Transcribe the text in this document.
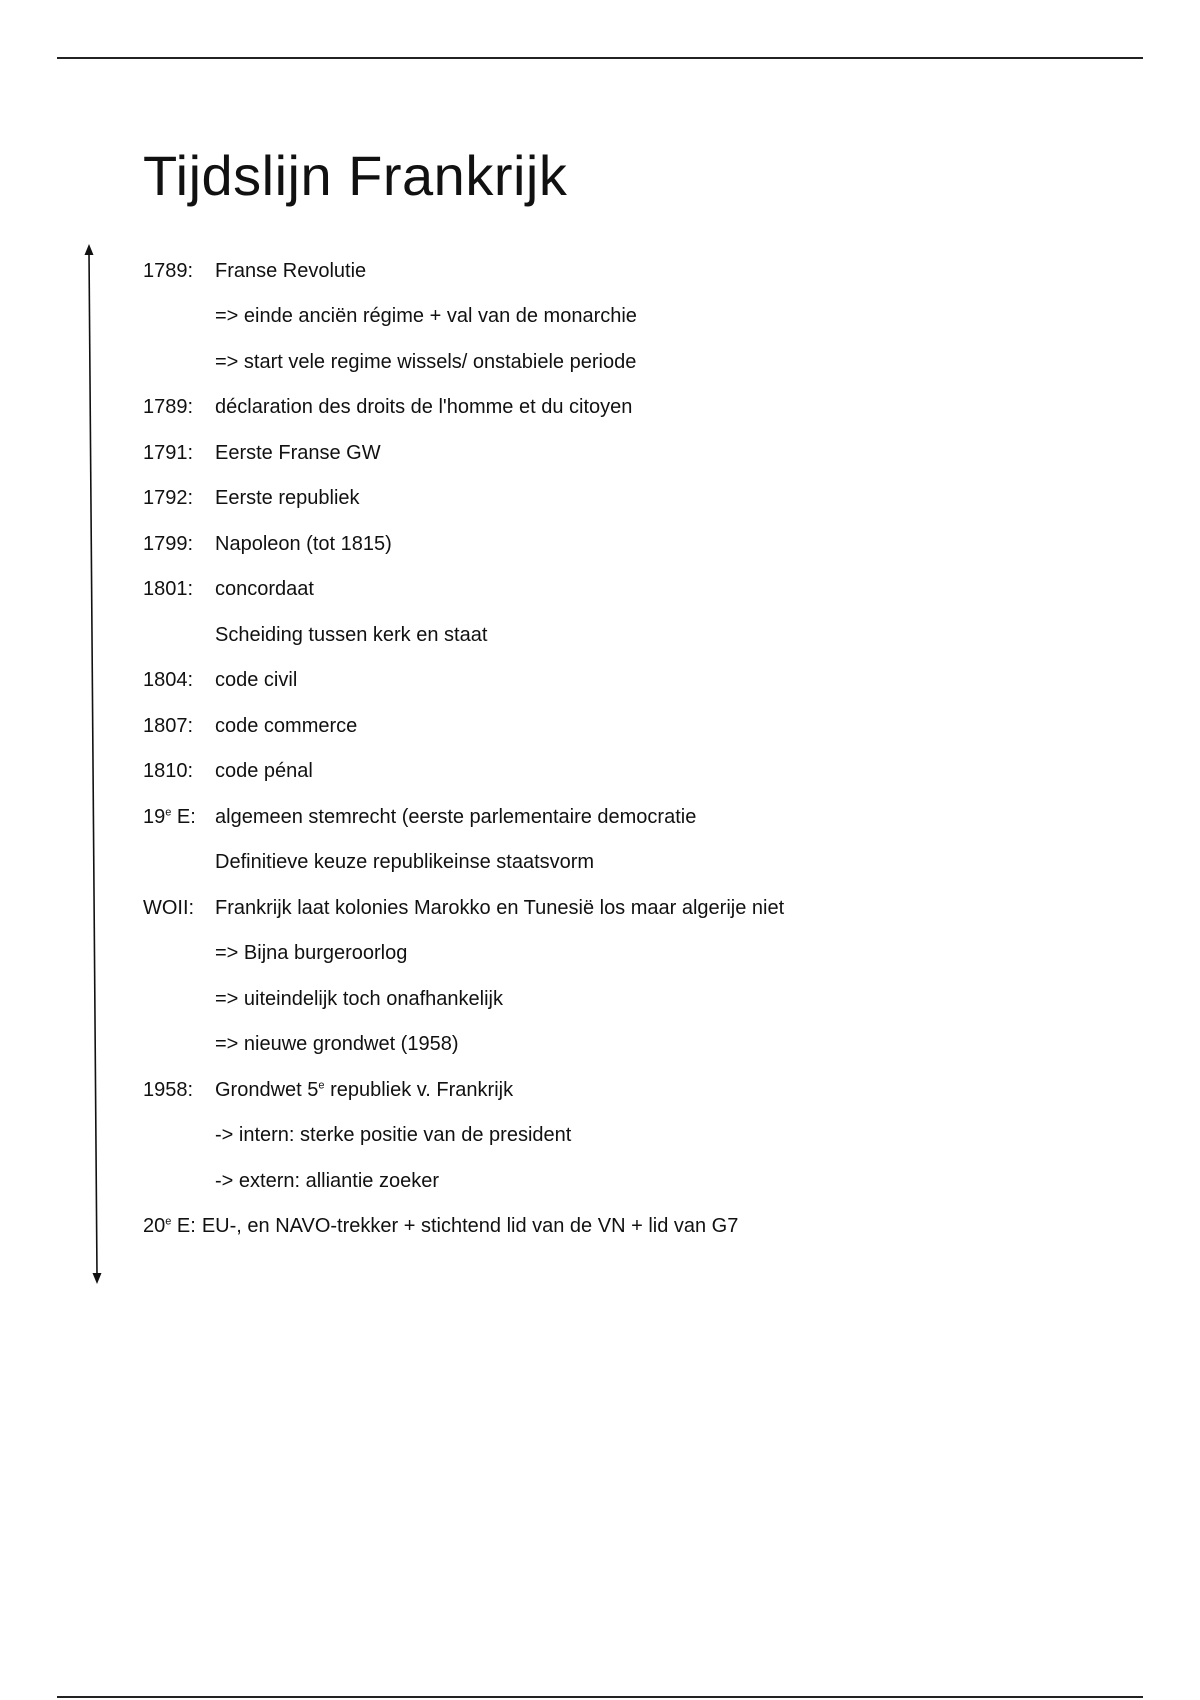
Tijdslijn Frankrijk
1789:	Franse Revolutie
=> einde anciën régime + val van de monarchie
=> start vele regime wissels/ onstabiele periode
1789:	déclaration des droits de l'homme et du citoyen
1791:	Eerste Franse GW
1792:	Eerste republiek
1799:	Napoleon (tot 1815)
1801:	concordaat
Scheiding tussen kerk en staat
1804:	code civil
1807:	code commerce
1810:	code pénal
19e E: algemeen stemrecht (eerste parlementaire democratie
Definitieve keuze republikeinse staatsvorm
WOII:	Frankrijk laat kolonies Marokko en Tunesië los maar algerije niet
=> Bijna burgeroorlog
=> uiteindelijk toch onafhankelijk
=> nieuwe grondwet (1958)
1958:	Grondwet 5e republiek v. Frankrijk
-> intern: sterke positie van de president
-> extern: alliantie zoeker
20e E: EU-, en NAVO-trekker + stichtend lid van de VN + lid van G7
